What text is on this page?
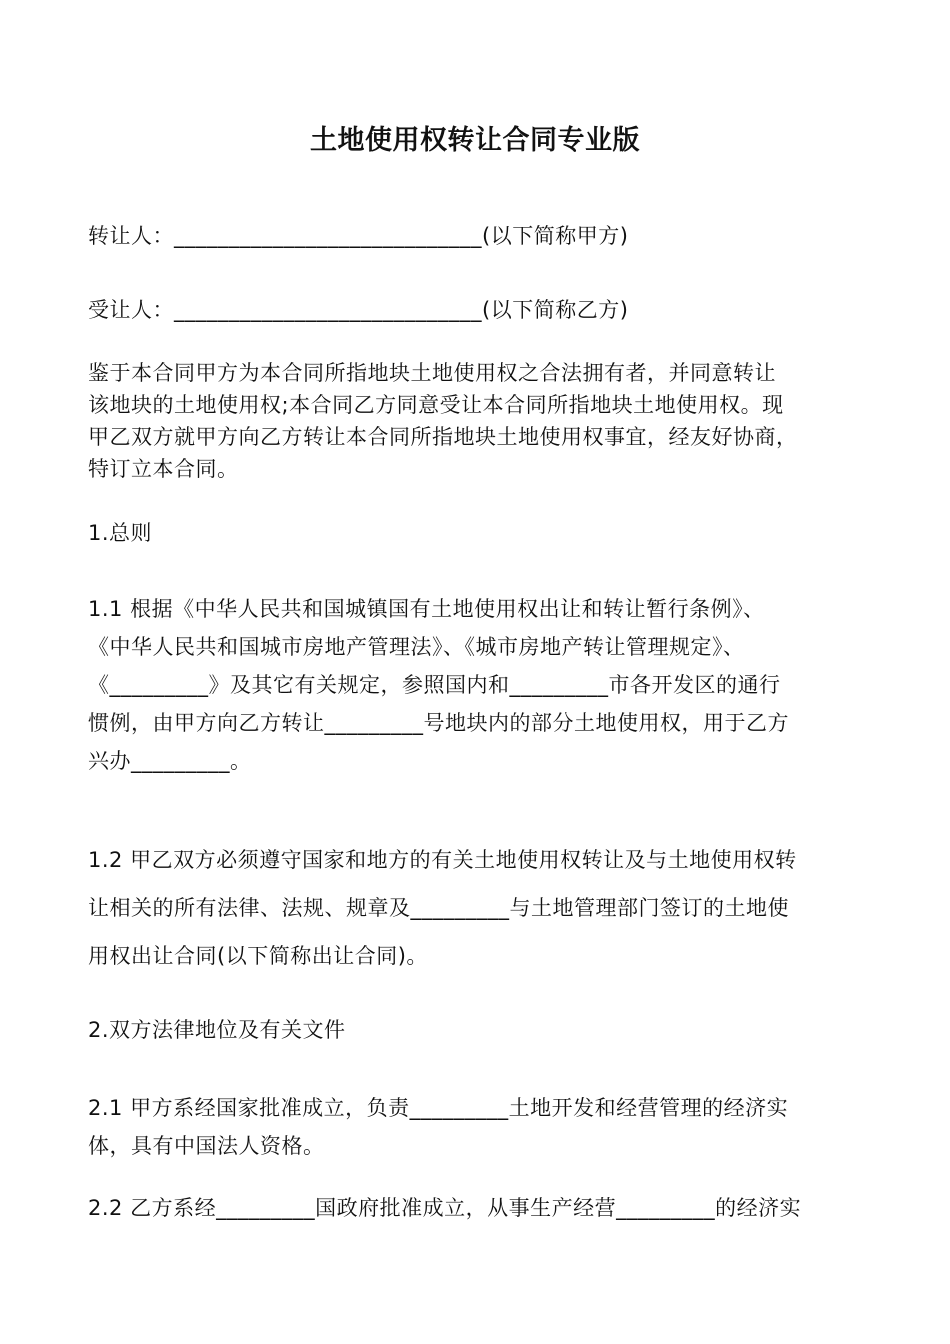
土地使用权转让合同专业版

转让人：____________________________(以下简称甲方)

受让人：____________________________(以下简称乙方)

鉴于本合同甲方为本合同所指地块土地使用权之合法拥有者，并同意转让
该地块的土地使用权;本合同乙方同意受让本合同所指地块土地使用权。现
甲乙双方就甲方向乙方转让本合同所指地块土地使用权事宜，经友好协商，
特订立本合同。

1.总则

1.1 根据《中华人民共和国城镇国有土地使用权出让和转让暂行条例》、
《中华人民共和国城市房地产管理法》、《城市房地产转让管理规定》、
《_________》及其它有关规定，参照国内和_________市各开发区的通行
惯例，由甲方向乙方转让_________号地块内的部分土地使用权，用于乙方
兴办_________。

1.2 甲乙双方必须遵守国家和地方的有关土地使用权转让及与土地使用权转
让相关的所有法律、法规、规章及_________与土地管理部门签订的土地使
用权出让合同(以下简称出让合同)。

2.双方法律地位及有关文件

2.1 甲方系经国家批准成立，负责_________土地开发和经营管理的经济实
体，具有中国法人资格。

2.2 乙方系经_________国政府批准成立，从事生产经营_________的经济实
